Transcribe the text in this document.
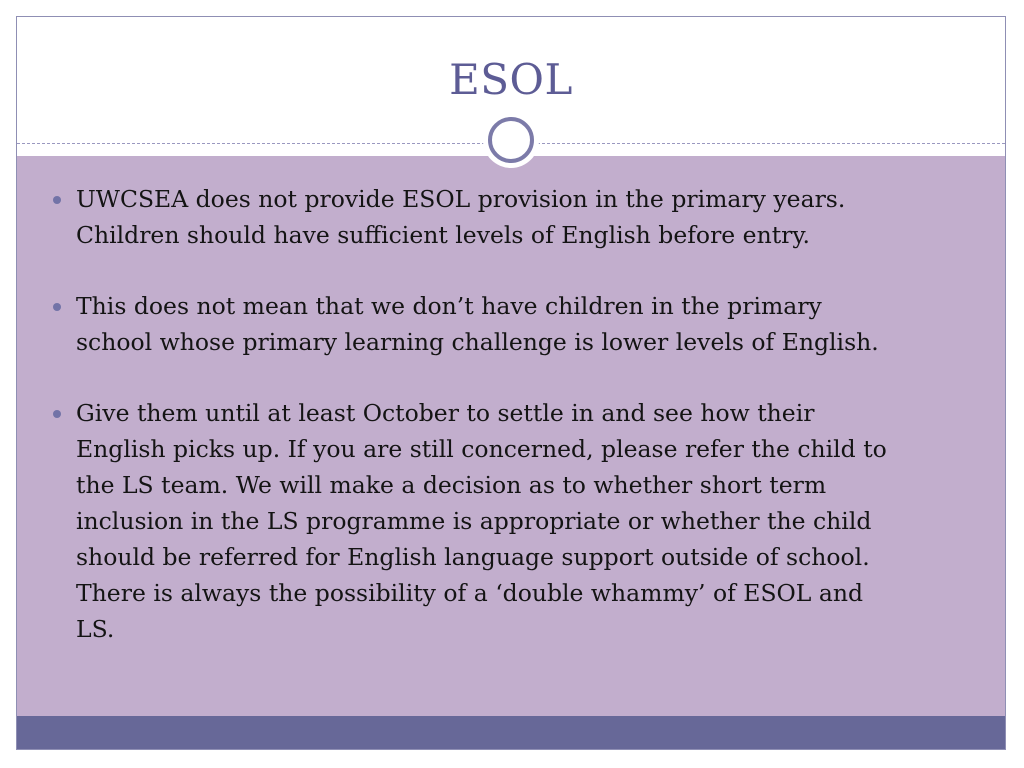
ESOL
UWCSEA does not provide ESOL provision in the primary years.
Children should have sufficient levels of English before entry.
This does not mean that we don’t have children in the primary
school whose primary learning challenge is lower levels of English.
Give them until at least October to settle in and see how their
English picks up. If you are still concerned, please refer the child to
the LS team. We will make a decision as to whether short term
inclusion in the LS programme is appropriate or whether the child
should be referred for English language support outside of school.
There is always the possibility of a ‘double whammy’ of ESOL and
LS.
